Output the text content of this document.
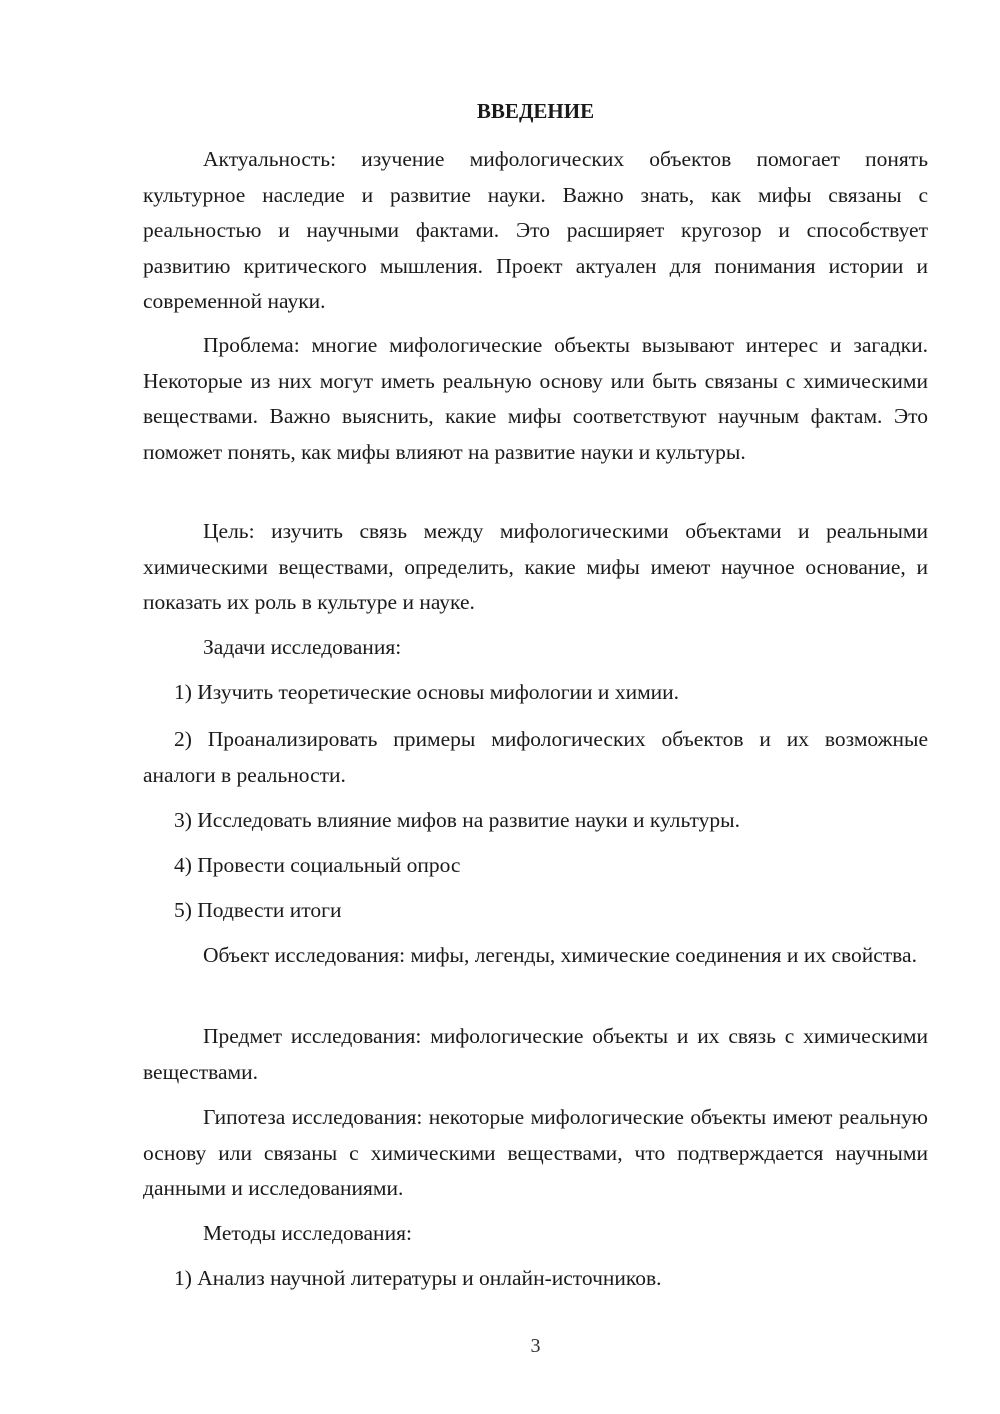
ВВЕДЕНИЕ

Актуальность: изучение мифологических объектов помогает понять культурное наследие и развитие науки. Важно знать, как мифы связаны с реальностью и научными фактами. Это расширяет кругозор и способствует развитию критического мышления. Проект актуален для понимания истории и современной науки.

Проблема: многие мифологические объекты вызывают интерес и загадки. Некоторые из них могут иметь реальную основу или быть связаны с химическими веществами. Важно выяснить, какие мифы соответствуют научным фактам. Это поможет понять, как мифы влияют на развитие науки и культуры.

Цель: изучить связь между мифологическими объектами и реальными химическими веществами, определить, какие мифы имеют научное основание, и показать их роль в культуре и науке.

Задачи исследования:

1) Изучить теоретические основы мифологии и химии.

2) Проанализировать примеры мифологических объектов и их возможные аналоги в реальности.

3) Исследовать влияние мифов на развитие науки и культуры.

4) Провести социальный опрос

5) Подвести итоги

Объект исследования: мифы, легенды, химические соединения и их свойства.

Предмет исследования: мифологические объекты и их связь с химическими веществами.

Гипотеза исследования: некоторые мифологические объекты имеют реальную основу или связаны с химическими веществами, что подтверждается научными данными и исследованиями.

Методы исследования:

1) Анализ научной литературы и онлайн-источников.

3
